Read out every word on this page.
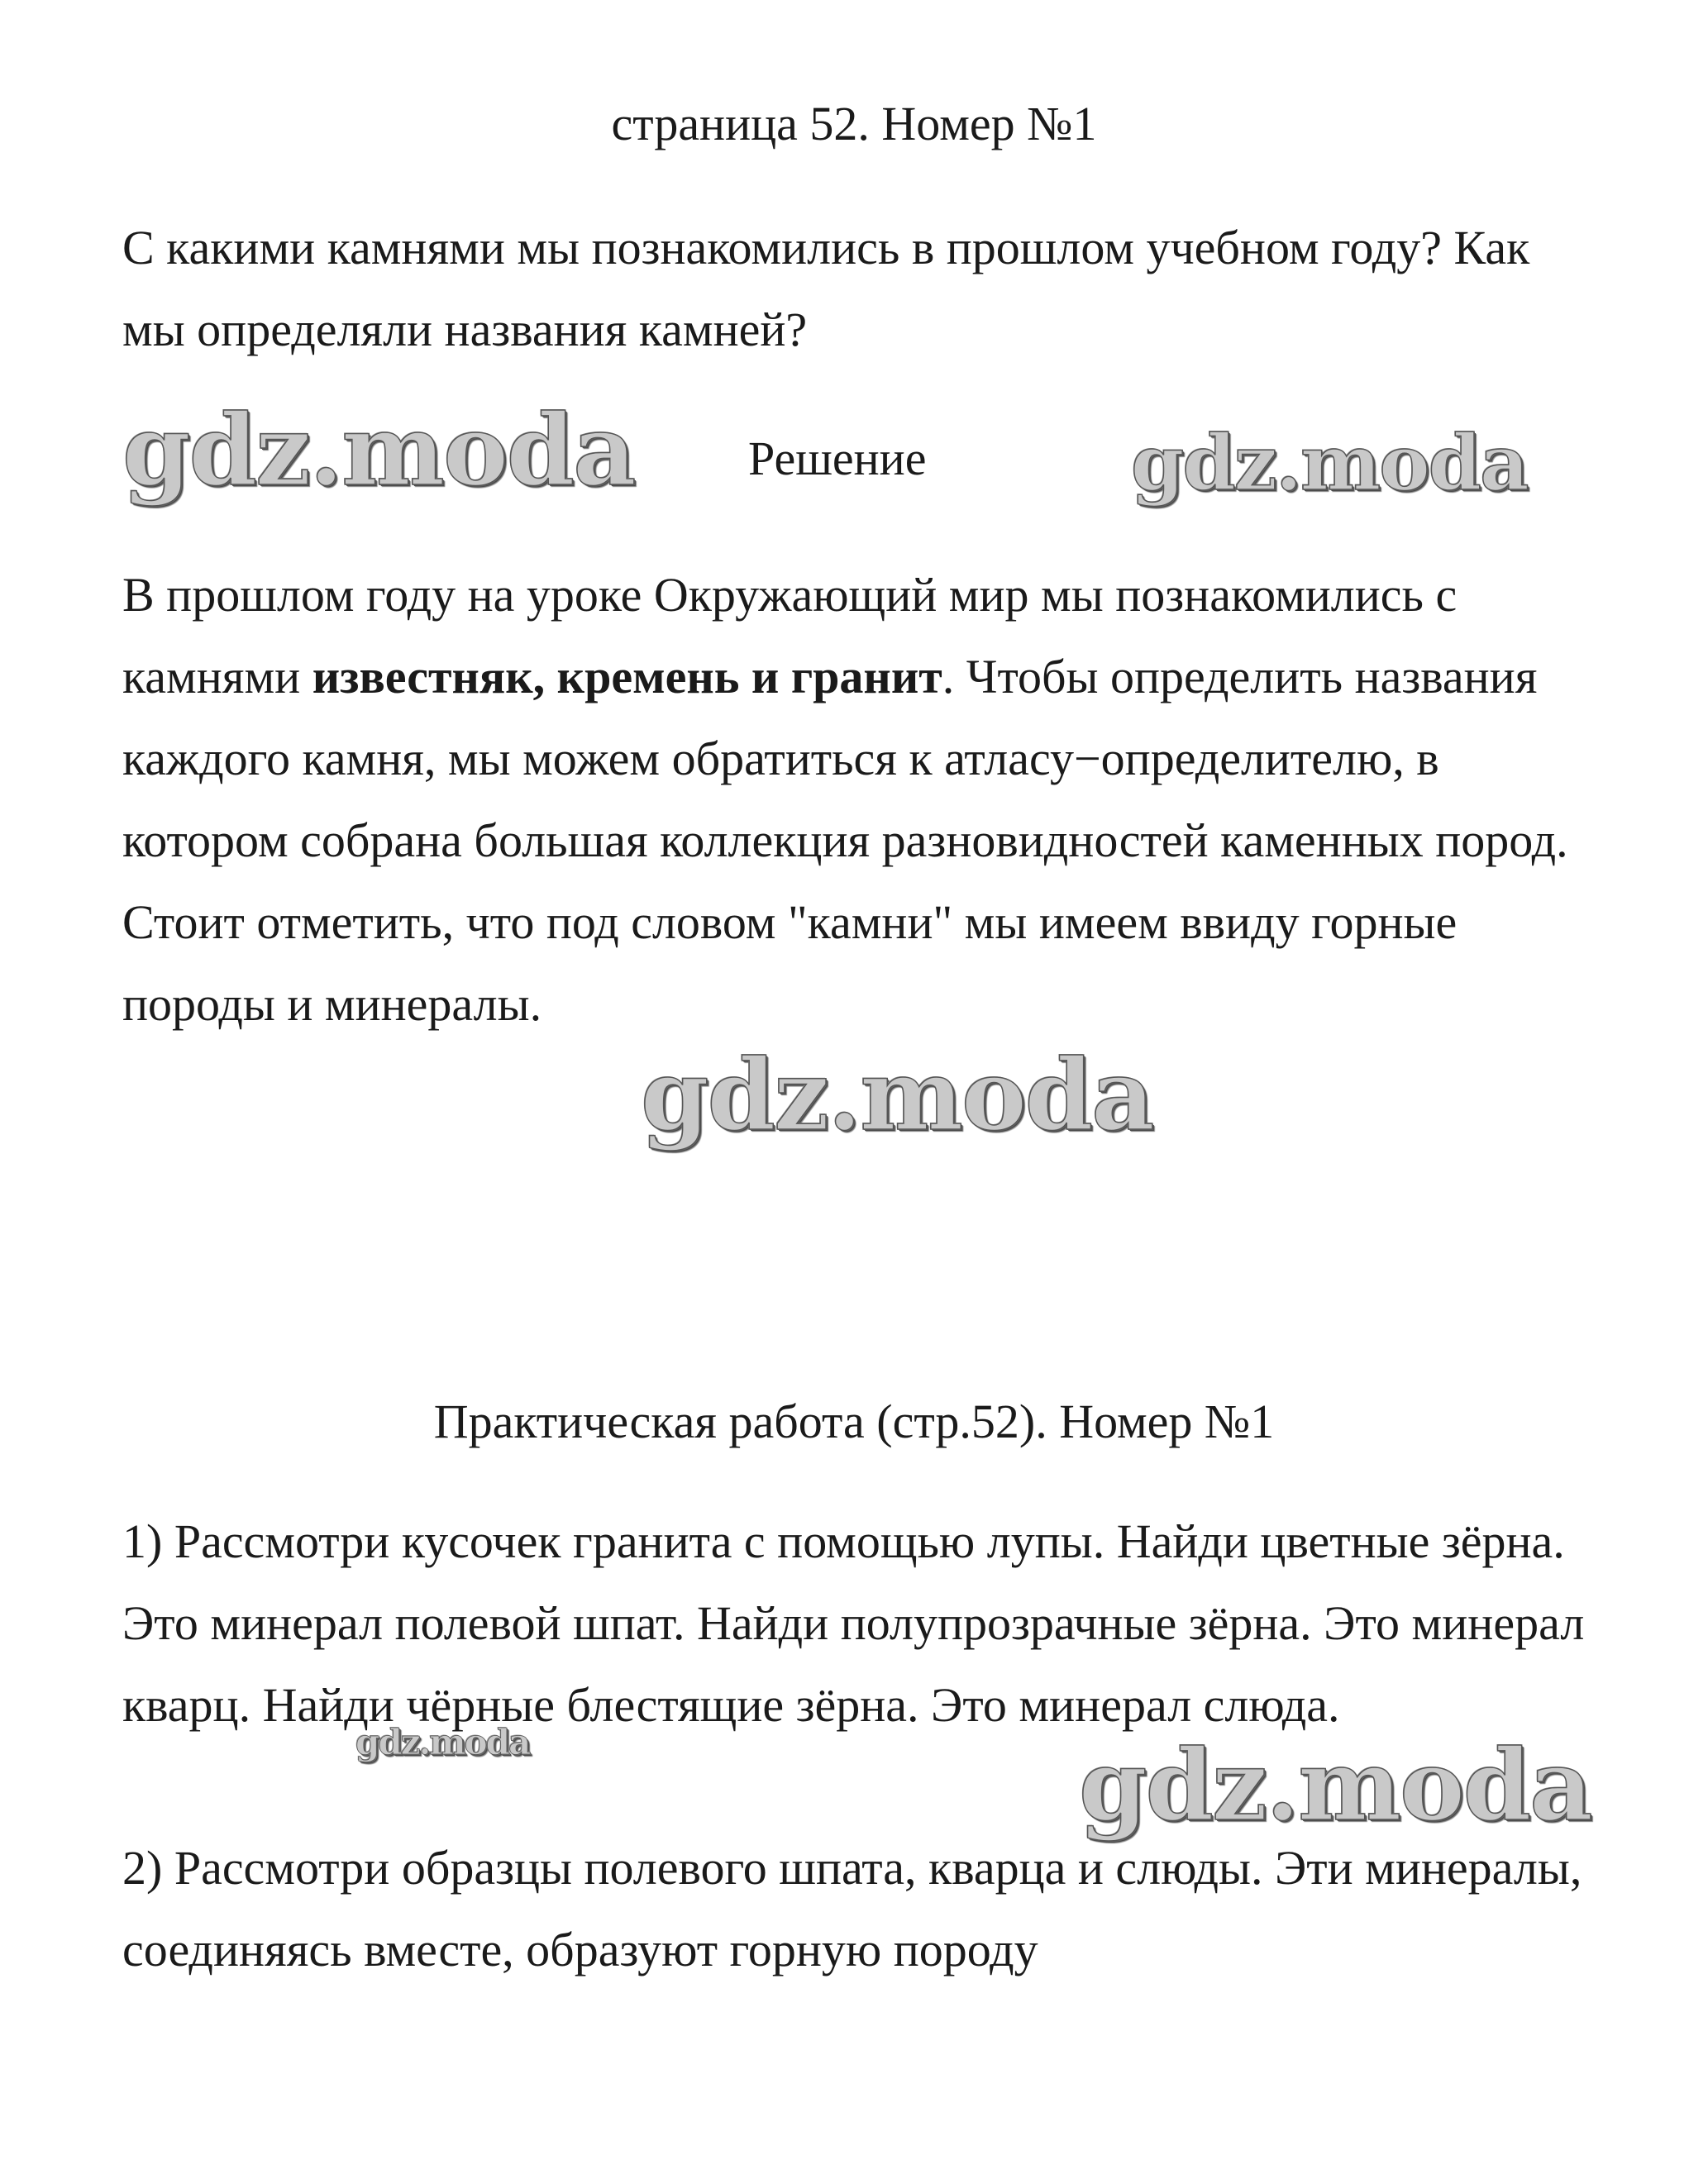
страница 52. Номер №1

С какими камнями мы познакомились в прошлом учебном году? Как мы определяли названия камней?

gdz.moda Решение	gdz.moda

В прошлом году на уроке Окружающий мир мы познакомились с камнями известняк, кремень и гранит. Чтобы определить названия каждого камня, мы можем обратиться к атласу−определителю, в котором собрана большая коллекция разновидностей каменных пород. Стоит отметить, что под словом "камни" мы имеем ввиду горные породы и минералы.

gdz.moda
Практическая работа (стр.52). Номер №1

1) Рассмотри кусочек гранита с помощью лупы. Найди цветные зёрна. Это минерал полевой шпат. Найди полупрозрачные зёрна. Это минерал кварц. Найди чёрные блестящие зёрна. Это минерал слюда.

gdz.moda	gdz.moda

2) Рассмотри образцы полевого шпата, кварца и слюды. Эти минералы, соединяясь вместе, образуют горную породу
